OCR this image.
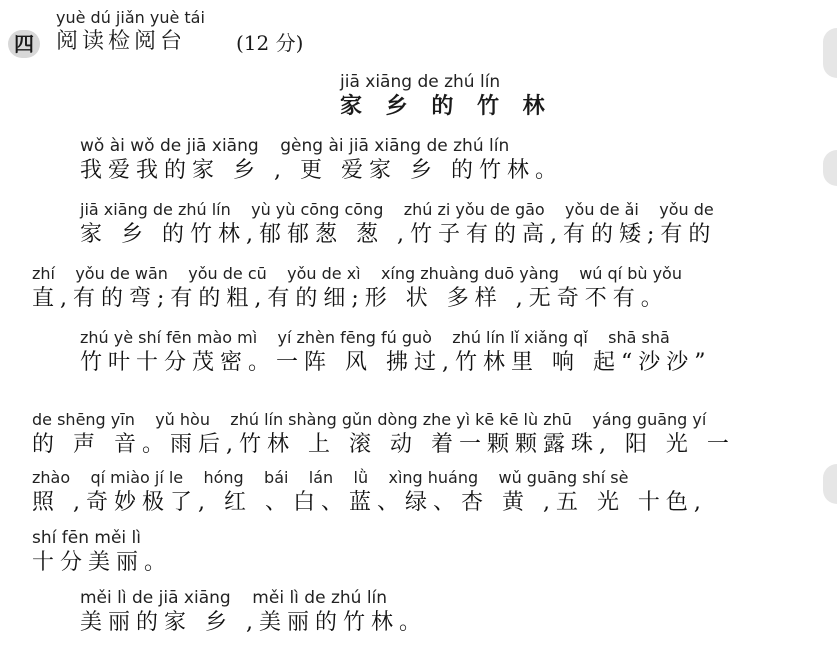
yuè dú jiǎn yuè tái
四 阅读检阅台 (12 分)
jiā xiāng de zhú lín
家 乡 的 竹 林
wǒ ài wǒ de jiā xiāng    gèng ài jiā xiāng de zhú lín
我爱我的家 乡 , 更 爱家 乡 的竹林。
jiā xiāng de zhú lín    yù yù cōng cōng    zhú zi yǒu de gāo    yǒu de ǎi    yǒu de
家 乡 的竹林,郁郁葱 葱 ,竹子有的高,有的矮;有的
zhí    yǒu de wān    yǒu de cū    yǒu de xì    xíng zhuàng duō yàng    wú qí bù yǒu
直,有的弯;有的粗,有的细;形 状 多样 ,无奇不有。
zhú yè shí fēn mào mì    yí zhèn fēng fú guò    zhú lín lǐ xiǎng qǐ    shā shā
竹叶十分茂密。一阵 风 拂过,竹林里 响 起“沙沙”
de shēng yīn    yǔ hòu    zhú lín shàng gǔn dòng zhe yì kē kē lù zhū    yáng guāng yí
的 声 音。雨后,竹林 上 滚 动 着一颗颗露珠, 阳 光 一
zhào    qí miào jí le    hóng    bái    lán    lǜ    xìng huáng    wǔ guāng shí sè
照 ,奇妙极了, 红 、白、蓝、绿、杏 黄 ,五 光 十色,
shí fēn měi lì
十分美丽。
měi lì de jiā xiāng    měi lì de zhú lín
美丽的家 乡 ,美丽的竹林。
